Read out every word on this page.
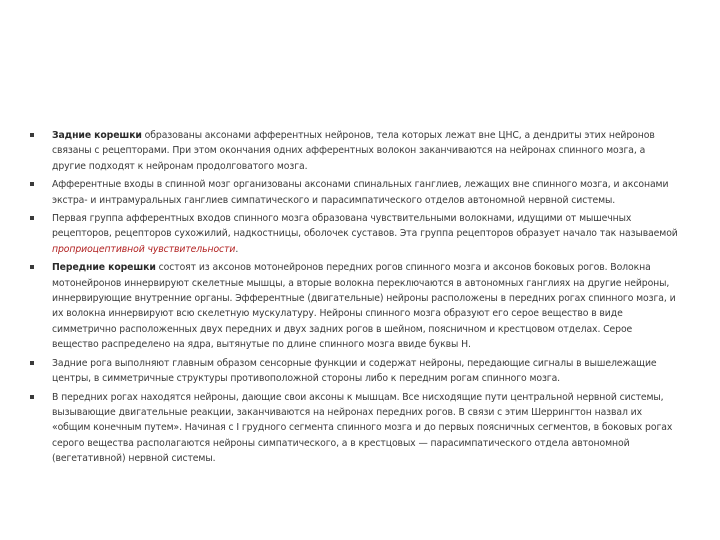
Задние корешки образованы аксонами афферентных нейронов, тела которых лежат вне ЦНС, а дендриты этих нейронов связаны с рецепторами. При этом окончания одних афферентных волокон заканчиваются на нейронах спинного мозга, а другие подходят к нейронам продолговатого мозга.
Афферентные входы в спинной мозг организованы аксонами спинальных ганглиев, лежащих вне спинного мозга, и аксонами экстра- и интрамуральных ганглиев симпатического и парасимпатического отделов автономной нервной системы.
Первая группа афферентных входов спинного мозга образована чувствительными волокнами, идущими от мышечных рецепторов, рецепторов сухожилий, надкостницы, оболочек суставов. Эта группа рецепторов образует начало так называемой проприоцептивной чувствительности.
Передние корешки состоят из аксонов мотонейронов передних рогов спинного мозга и аксонов боковых рогов. Волокна мотонейронов иннервируют скелетные мышцы, а вторые волокна переключаются в автономных ганглиях на другие нейроны, иннервирующие внутренние органы. Эфферентные (двигательные) нейроны расположены в передних рогах спинного мозга, и их волокна иннервируют всю скелетную мускулатуру. Нейроны спинного мозга образуют его серое вещество в виде симметрично расположенных двух передних и двух задних рогов в шейном, поясничном и крестцовом отделах. Серое вещество распределено на ядра, вытянутые по длине спинного мозга ввиде буквы Н.
Задние рога выполняют главным образом сенсорные функции и содержат нейроны, передающие сигналы в вышележащие центры, в симметричные структуры противоположной стороны либо к передним рогам спинного мозга.
В передних рогах находятся нейроны, дающие свои аксоны к мышцам. Все нисходящие пути центральной нервной системы, вызывающие двигательные реакции, заканчиваются на нейронах передних рогов. В связи с этим Шеррингтон назвал их «общим конечным путем». Начиная с I грудного сегмента спинного мозга и до первых поясничных сегментов, в боковых рогах серого вещества располагаются нейроны симпатического, а в крестцовых — парасимпатического отдела автономной (вегетативной) нервной системы.
